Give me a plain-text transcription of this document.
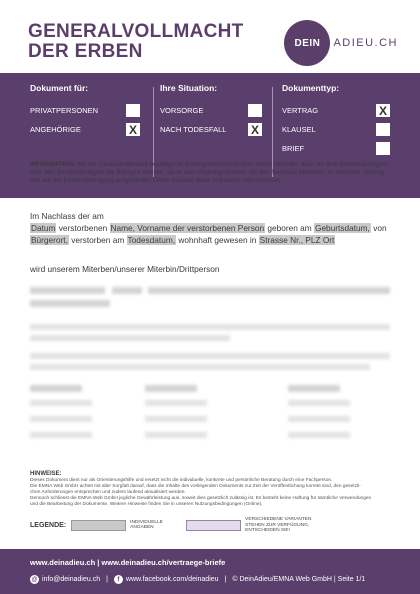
GENERALVOLLMACHT
DER ERBEN	DEIN	ADIEU.CH
Dokument für:
PRIVATPERSONEN
ANGEHÖRIGE	X
Ihre Situation:
VORSORGE
NACH TODESFALL	X
Dokumenttyp:
VERTRAG	X
KLAUSEL
BRIEF
INFORMATION: Mit der Generalvollmacht bestätigt die Erbengemeinschaft bzw. deren Vertreter, dass sie dem Bevollmächtigten bzw. den Bevollmächtigten die Befugnis erteilen, sie in allen Angelegenheiten, die den Nachlass betreffen, zu vertreten. Wichtig: Alle auf der Erbbescheinigung aufgeführten Erben müssen diese Vollmacht unterzeichnen.
Im Nachlass der am
Datum verstorbenen Name, Vorname der verstorbenen Person geboren am Geburtsdatum, von Bürgerort, verstorben am Todesdatum, wohnhaft gewesen in Strasse Nr., PLZ Ort
wird unserem Miterben/unserer Miterbin/Drittperson
HINWEISE:
Dieses Dokument dient nur als Orientierungshilfe und ersetzt nicht die individuelle, konkrete und persönliche Beratung durch eine Fachperson.
Die EMNA Web GmbH achtet mit aller Sorgfalt darauf, dass die Inhalte des vorliegenden Dokuments zur Zeit der Veröffentlichung korrekt sind, den gesetzli-
chen Anforderungen entsprechen und zudem laufend aktualisiert werden.
Dennoch schliesst die EMNA Web GmbH jegliche Gewährleistung aus, soweit dies gesetzlich zulässig ist. Es besteht keine Haftung für sämtliche Verwendungen
und die Bearbeitung der Dokumente. Weitere Hinweise finden Sie in unseren Nutzungsbedingungen (Online).
LEGENDE:	INDIVIDUELLE ANGABEN
VERSCHIEDENE VARIANTEN STEHEN ZUR VERFÜGUNG, ENTSCHEIDEN SIE!
www.deinadieu.ch | www.deinadieu.ch/vertraege-briefe
@ info@deinadieu.ch |	f www.facebook.com/deinadieu | © DeinAdieu/EMNA Web GmbH | Seite 1/1
